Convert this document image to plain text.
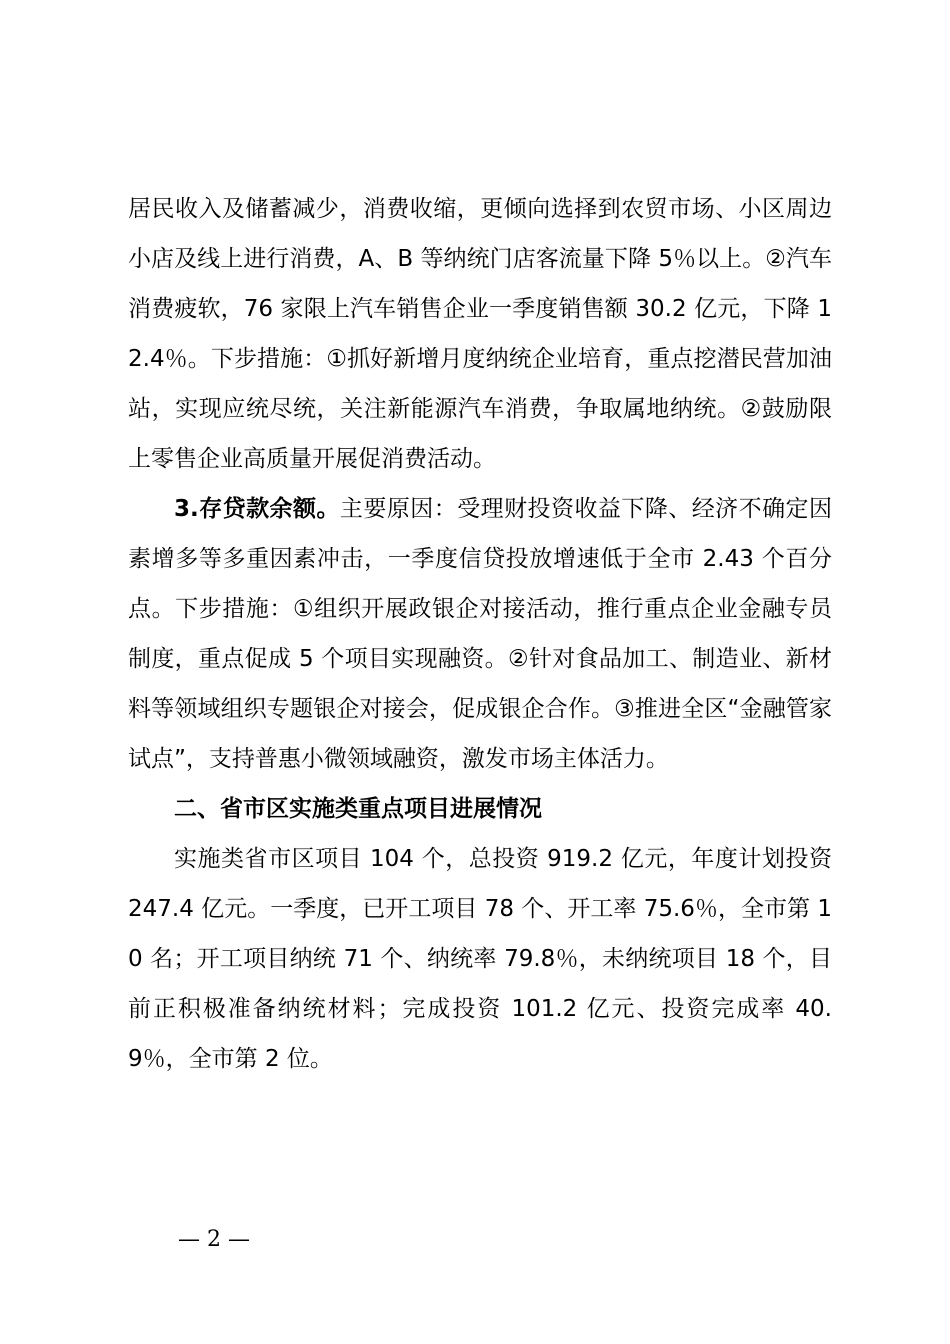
居民收入及储蓄减少，消费收缩，更倾向选择到农贸市场、小区周边小店及线上进行消费，A、B 等纳统门店客流量下降 5％以上。②汽车消费疲软，76 家限上汽车销售企业一季度销售额 30.2 亿元，下降 12.4％。下步措施：①抓好新增月度纳统企业培育，重点挖潜民营加油站，实现应统尽统，关注新能源汽车消费，争取属地纳统。②鼓励限上零售企业高质量开展促消费活动。

3.存贷款余额。主要原因：受理财投资收益下降、经济不确定因素增多等多重因素冲击，一季度信贷投放增速低于全市 2.43 个百分点。下步措施：①组织开展政银企对接活动，推行重点企业金融专员制度，重点促成 5 个项目实现融资。②针对食品加工、制造业、新材料等领域组织专题银企对接会，促成银企合作。③推进全区“金融管家试点”，支持普惠小微领域融资，激发市场主体活力。

二、省市区实施类重点项目进展情况

实施类省市区项目 104 个，总投资 919.2 亿元，年度计划投资 247.4 亿元。一季度，已开工项目 78 个、开工率 75.6％，全市第 10 名；开工项目纳统 71 个、纳统率 79.8％，未纳统项目 18 个，目前正积极准备纳统材料；完成投资 101.2 亿元、投资完成率 40.9％，全市第 2 位。

— 2 —
